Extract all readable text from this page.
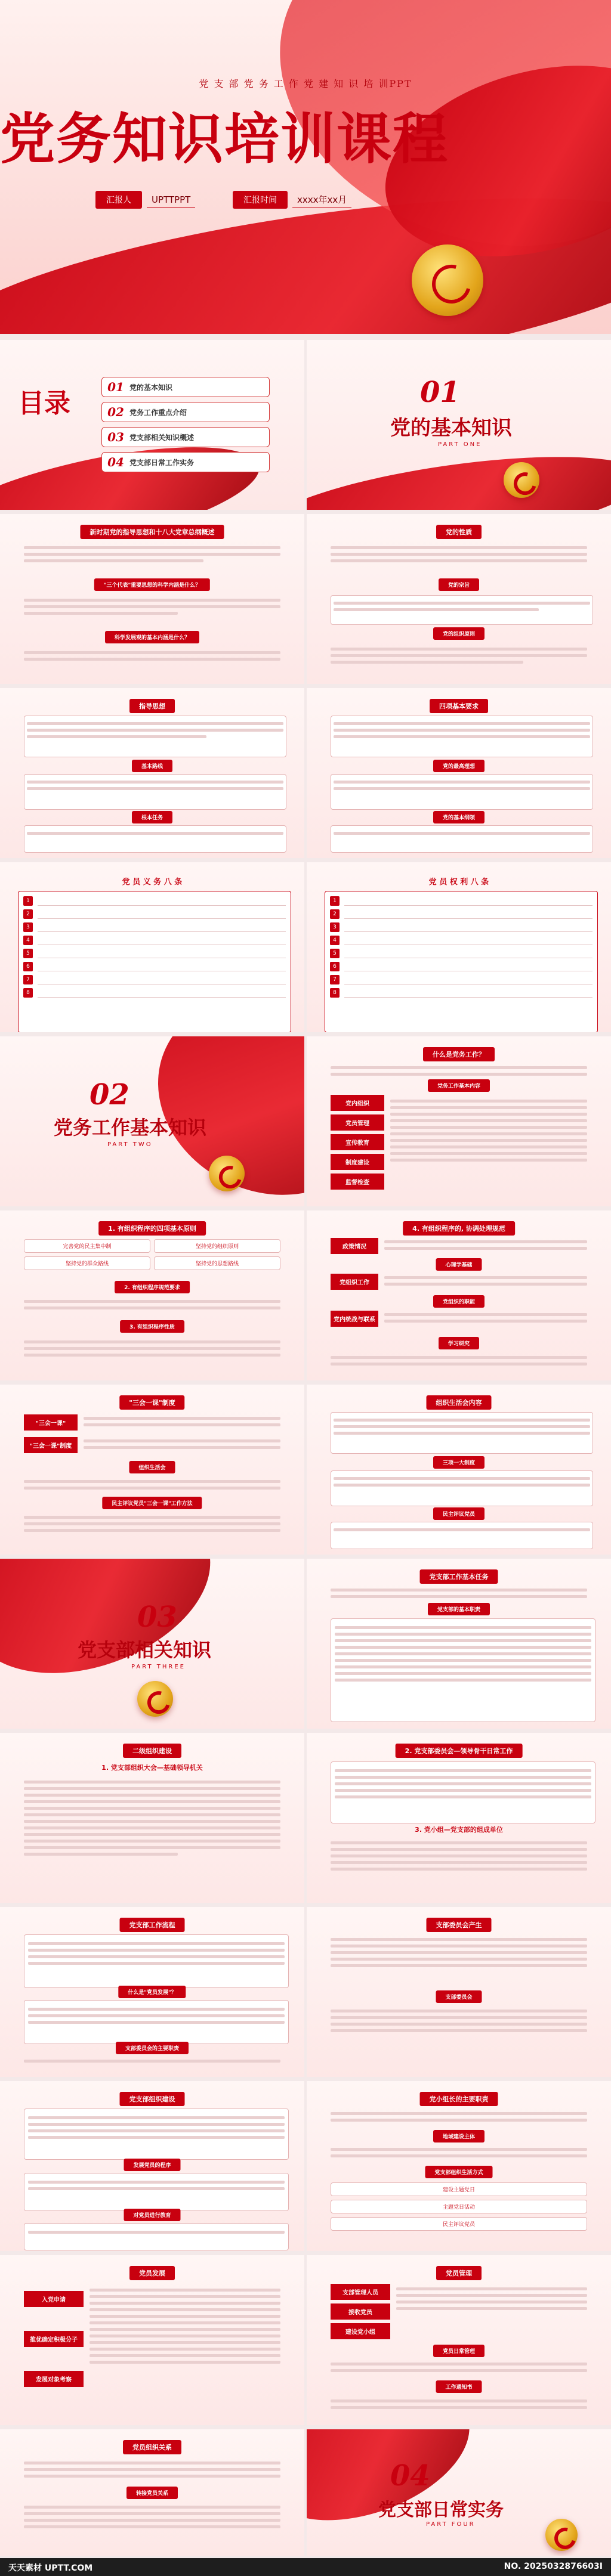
党 支 部 党 务 工 作 党 建 知 识 培 训PPT
党务知识培训课程
汇报人	UPTTPPT	汇报时间	xxxx年xx月
目录
01 党的基本知识
02 党务工作重点介绍
03 党支部相关知识概述
04 党支部日常工作实务
01
党的基本知识
PART ONE
新时期党的指导思想和十八大党章总纲概述
"三个代表"重要思想的科学内涵是什么？
科学发展观的基本内涵是什么？
党的性质
党的宗旨
党的组织原则
指导思想
基本路线
根本任务
四项基本要求
党的最高理想
党的基本纲领
党 员 义 务 八 条
1
2
3
4
5
6
7
8
党 员 权 利 八 条
1
2
3
4
5
6
7
8
02
党务工作基本知识
PART TWO
什么是党务工作？
党务工作基本内容
党内组织
党员管理
宣传教育
制度建设
监督检查
1. 有组织程序的四项基本原则
完善党的民主集中制	坚持党的组织原则
坚持党的群众路线	坚持党的思想路线
2. 有组织程序规范要求
3. 有组织程序性质
4. 有组织程序的, 协调处理规范
政策情况
心理学基础
党组织工作
党组织的职能
党内统战与联系
学习研究
"三会一课"制度
"三会一课"
"三会一课"制度
组织生活会
民主评议党员"三会一课"工作方法
组织生活会内容
三项一大制度
民主评议党员
03
党支部相关知识
PART THREE
党支部工作基本任务
党支部的基本职责
二级组织建设
1. 党支部组织大会—基础领导机关
2. 党支部委员会—领导骨干日常工作
3. 党小组—党支部的组成单位
党支部工作流程
什么是"党员发展"？
支部委员会的主要职责
支部委员会产生
支部委员会
党支部组织建设
发展党员的程序
对党员进行教育
党小组长的主要职责
地域建设主体
党支部组织生活方式
建设主题党日
主题党日活动
民主评议党员
党员发展
入党申请
推优确定积极分子
发展对象考察
党员管理
支部管理人员
接收党员
建设党小组
党员日常管理
工作通知书
党员组织关系
转接党员关系
04
党支部日常实务
PART FOUR
天天素材 UPTT.COM	NO. 2025032876603I
